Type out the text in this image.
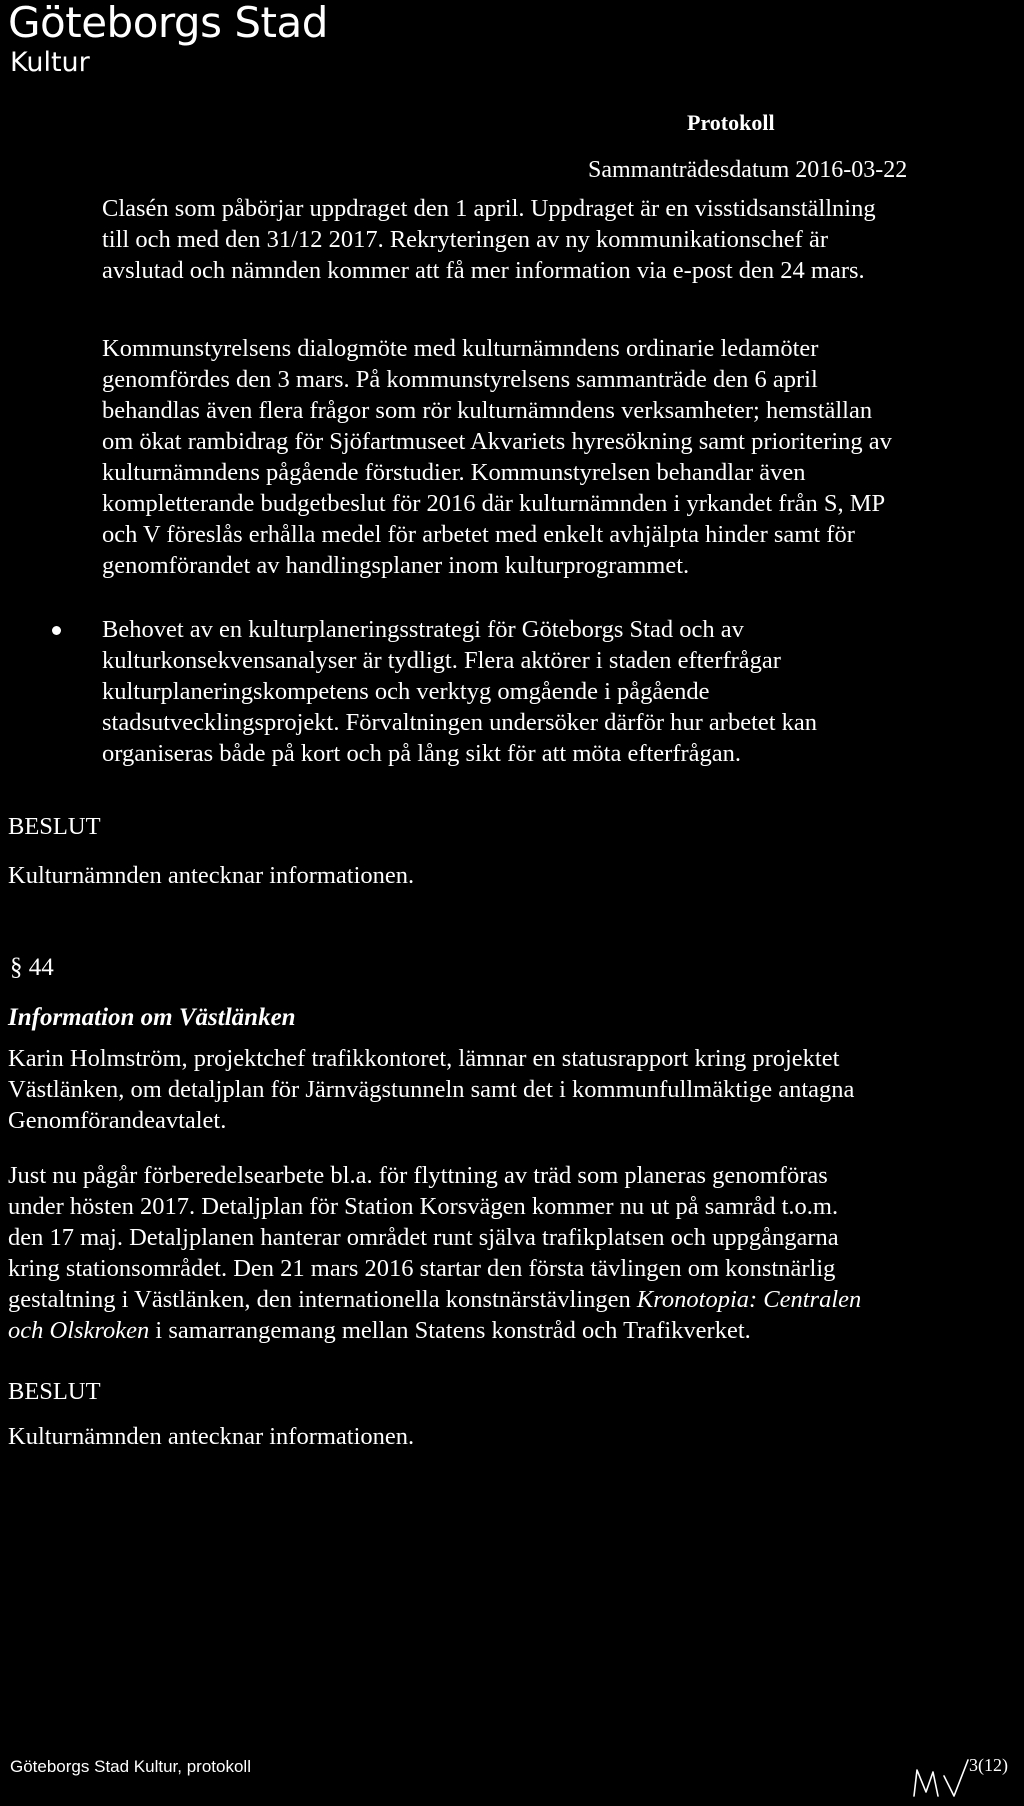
Göteborgs Stad
Kultur
Protokoll
Sammanträdesdatum 2016-03-22

Clasén som påbörjar uppdraget den 1 april. Uppdraget är en visstidsanställning

till och med den 31/12 2017. Rekryteringen av ny kommunikationschef är

avslutad och nämnden kommer att få mer information via e-post den 24 mars.

Kommunstyrelsens dialogmöte med kulturnämndens ordinarie ledamöter

genomfördes den 3 mars. På kommunstyrelsens sammanträde den 6 april

behandlas även flera frågor som rör kulturnämndens verksamheter; hemställan

om ökat rambidrag för Sjöfartmuseet Akvariets hyresökning samt prioritering av

kulturnämndens pågående förstudier. Kommunstyrelsen behandlar även

kompletterande budgetbeslut för 2016 där kulturnämnden i yrkandet från S, MP

och V föreslås erhålla medel för arbetet med enkelt avhjälpta hinder samt för

genomförandet av handlingsplaner inom kulturprogrammet.

Behovet av en kulturplaneringsstrategi för Göteborgs Stad och av

kulturkonsekvensanalyser är tydligt. Flera aktörer i staden efterfrågar

kulturplaneringskompetens och verktyg omgående i pågående

stadsutvecklingsprojekt. Förvaltningen undersöker därför hur arbetet kan

organiseras både på kort och på lång sikt för att möta efterfrågan.

BESLUT

Kulturnämnden antecknar informationen.

§ 44
Information om Västlänken

Karin Holmström, projektchef trafikkontoret, lämnar en statusrapport kring projektet

Västlänken, om detaljplan för Järnvägstunneln samt det i kommunfullmäktige antagna

Genomförandeavtalet.

Just nu pågår förberedelsearbete bl.a. för flyttning av träd som planeras genomföras

under hösten 2017. Detaljplan för Station Korsvägen kommer nu ut på samråd t.o.m.

den 17 maj. Detaljplanen hanterar området runt själva trafikplatsen och uppgångarna

kring stationsområdet. Den 21 mars 2016 startar den första tävlingen om konstnärlig

gestaltning i Västlänken, den internationella konstnärstävlingen Kronotopia: Centralen

och Olskroken i samarrangemang mellan Statens konstråd och Trafikverket.

BESLUT

Kulturnämnden antecknar informationen.

Göteborgs Stad Kultur, protokoll	3(12)
